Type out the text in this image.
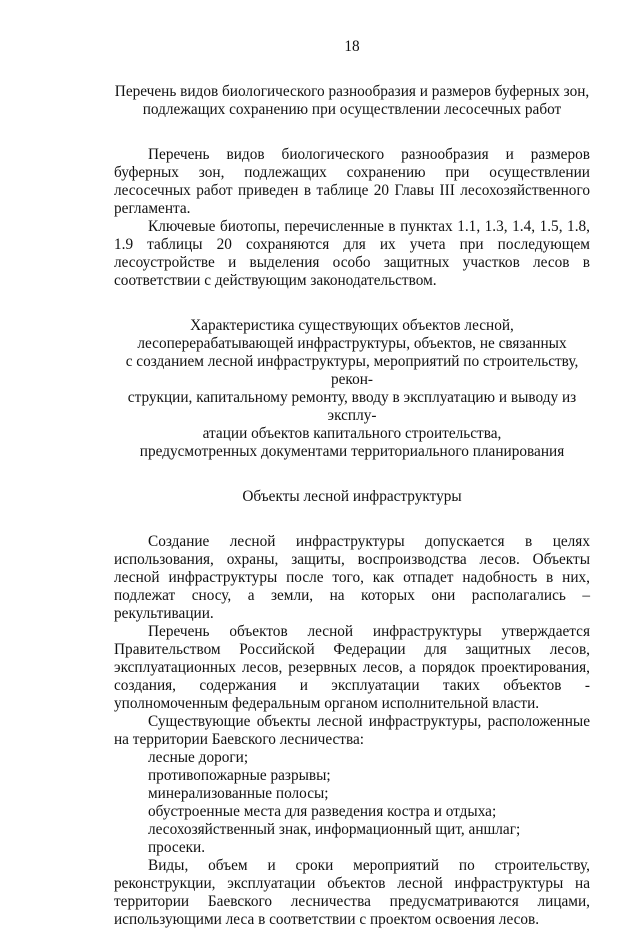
18
Перечень видов биологического разнообразия и размеров буферных зон,
подлежащих сохранению при осуществлении лесосечных работ

Перечень видов биологического разнообразия и размеров буферных зон, подлежащих сохранению при осуществлении лесосечных работ приведен в таблице 20 Главы III лесохозяйственного регламента.

Ключевые биотопы, перечисленные в пунктах 1.1, 1.3, 1.4, 1.5, 1.8, 1.9 таблицы 20 сохраняются для их учета при последующем лесоустройстве и выделения особо защитных участков лесов в соответствии с действующим законодательством.

Характеристика существующих объектов лесной,
лесоперерабатывающей инфраструктуры, объектов, не связанных
с созданием лесной инфраструктуры, мероприятий по строительству, рекон-
струкции, капитальному ремонту, вводу в эксплуатацию и выводу из эксплу-
атации объектов капитального строительства,
предусмотренных документами территориального планирования
Объекты лесной инфраструктуры

Создание лесной инфраструктуры допускается в целях использования, охраны, защиты, воспроизводства лесов. Объекты лесной инфраструктуры после того, как отпадет надобность в них, подлежат сносу, а земли, на которых они располагались – рекультивации.

Перечень объектов лесной инфраструктуры утверждается Правительством Российской Федерации для защитных лесов, эксплуатационных лесов, резервных лесов, а порядок проектирования, создания, содержания и эксплуатации таких объектов - уполномоченным федеральным органом исполнительной власти.

Существующие объекты лесной инфраструктуры, расположенные на территории Баевского лесничества:

лесные дороги;

противопожарные разрывы;

минерализованные полосы;

обустроенные места для разведения костра и отдыха;

лесохозяйственный знак, информационный щит, аншлаг;

просеки.

Виды, объем и сроки мероприятий по строительству, реконструкции, эксплуатации объектов лесной инфраструктуры на территории Баевского лесничества предусматриваются лицами, использующими леса в соответствии с проектом освоения лесов.
